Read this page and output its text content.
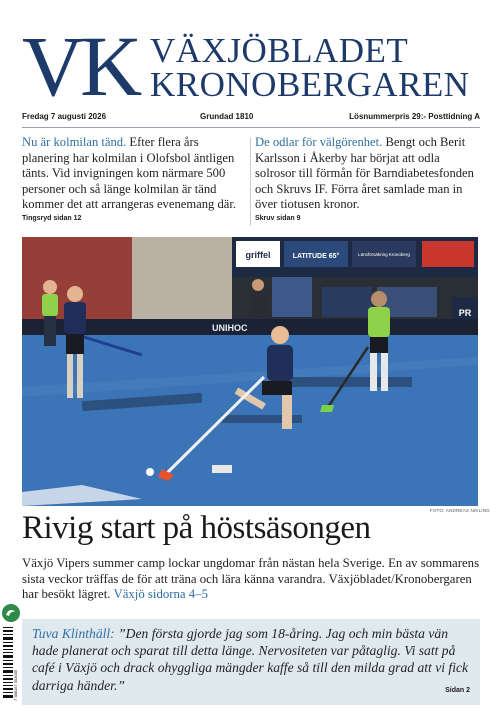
VK VÄXJÖBLADET
KRONOBERGAREN
Fredag 7 augusti 2026	Grundad 1810	Lösnummerpris 29:- Posttidning A
Nu är kolmilan tänd. Efter flera års planering har kolmilan i Olofsbol äntligen tänts. Vid invigningen kom närmare 500 personer och så länge kolmilan är tänd kommer det att arrangeras evenemang där.
Tingsryd sidan 12
De odlar för välgörenhet. Bengt och Berit Karlsson i Åkerby har börjat att odla solrosor till förmån för Barndiabetesfonden och Skruvs IF. Förra året samlade man in över tiotusen kronor.
Skruv sidan 9
griffel	LATITUDE 65°	Länsförsäkring Kronoberg
PR
UNIHOC
FOTO: ANDREAS NIKLING
Rivig start på höstsäsongen
Växjö Vipers summer camp lockar ungdomar från nästan hela Sverige. En av sommarens sista veckor träffas de för att träna och lära känna varandra. Växjöbladet/Kronobergaren har besökt lägret. Växjö sidorna 4–5
7 388157 303005
Tuva Klinthäll: ”Den första gjorde jag som 18-åring. Jag och min bästa vän hade planerat och sparat till detta länge. Nervositeten var påtaglig. Vi satt på café i Växjö och drack ohyggliga mängder kaffe så till den milda grad att vi fick darriga händer.”	Sidan 2
